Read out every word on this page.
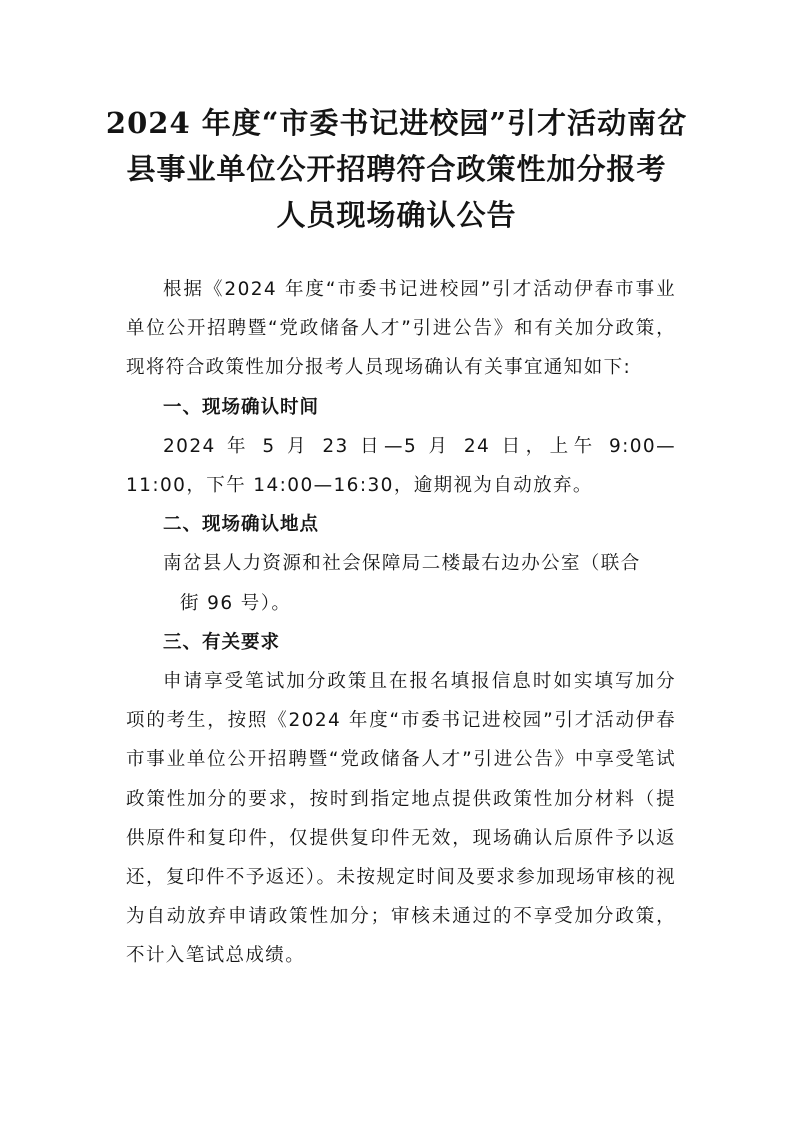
2024 年度“市委书记进校园”引才活动南岔
县事业单位公开招聘符合政策性加分报考
人员现场确认公告

根据《2024 年度“市委书记进校园”引才活动伊春市事业单位公开招聘暨“党政储备人才”引进公告》和有关加分政策，现将符合政策性加分报考人员现场确认有关事宜通知如下:

一、现场确认时间

2024 年 5 月 23 日—5 月 24 日，上午 9:00—11:00，下午 14:00—16:30，逾期视为自动放弃。

二、现场确认地点

南岔县人力资源和社会保障局二楼最右边办公室（联合
街 96 号）。

三、有关要求

申请享受笔试加分政策且在报名填报信息时如实填写加分项的考生，按照《2024 年度“市委书记进校园”引才活动伊春市事业单位公开招聘暨“党政储备人才”引进公告》中享受笔试政策性加分的要求，按时到指定地点提供政策性加分材料（提供原件和复印件，仅提供复印件无效，现场确认后原件予以返还，复印件不予返还）。未按规定时间及要求参加现场审核的视为自动放弃申请政策性加分；审核未通过的不享受加分政策，不计入笔试总成绩。
